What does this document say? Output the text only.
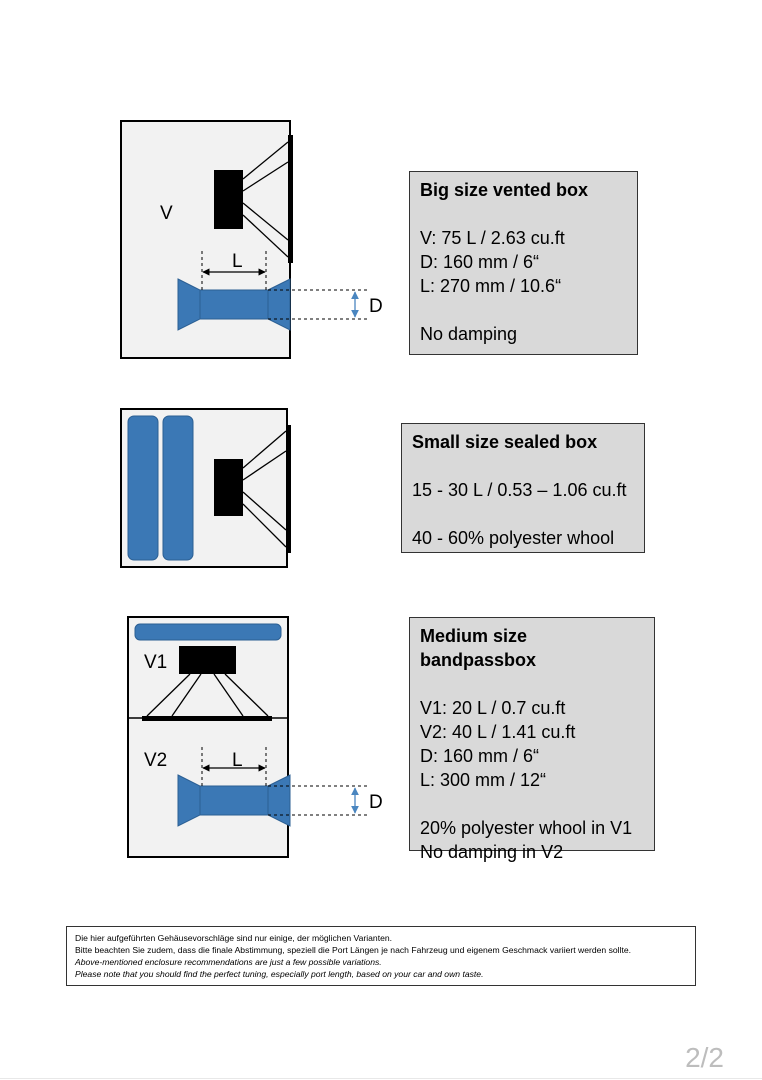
V
L
D
V1
V2	L
D
Big size vented box
V: 75 L / 2.63 cu.ft
D: 160 mm / 6“
L: 270 mm / 10.6“
No damping
Small size sealed box
15 - 30 L / 0.53 – 1.06 cu.ft
40 - 60% polyester whool
Medium size bandpassbox
V1: 20 L / 0.7 cu.ft
V2: 40 L / 1.41 cu.ft
D: 160 mm / 6“
L: 300 mm / 12“
20% polyester whool in V1
No damping in V2
Die hier aufgeführten Gehäusevorschläge sind nur einige, der möglichen Varianten.
Bitte beachten Sie zudem, dass die finale Abstimmung, speziell die Port Längen je nach Fahrzeug und eigenem Geschmack variiert werden sollte.
Above-mentioned enclosure recommendations are just a few possible variations.
Please note that you should find the perfect tuning, especially port length, based on your car and own taste.
2/2
